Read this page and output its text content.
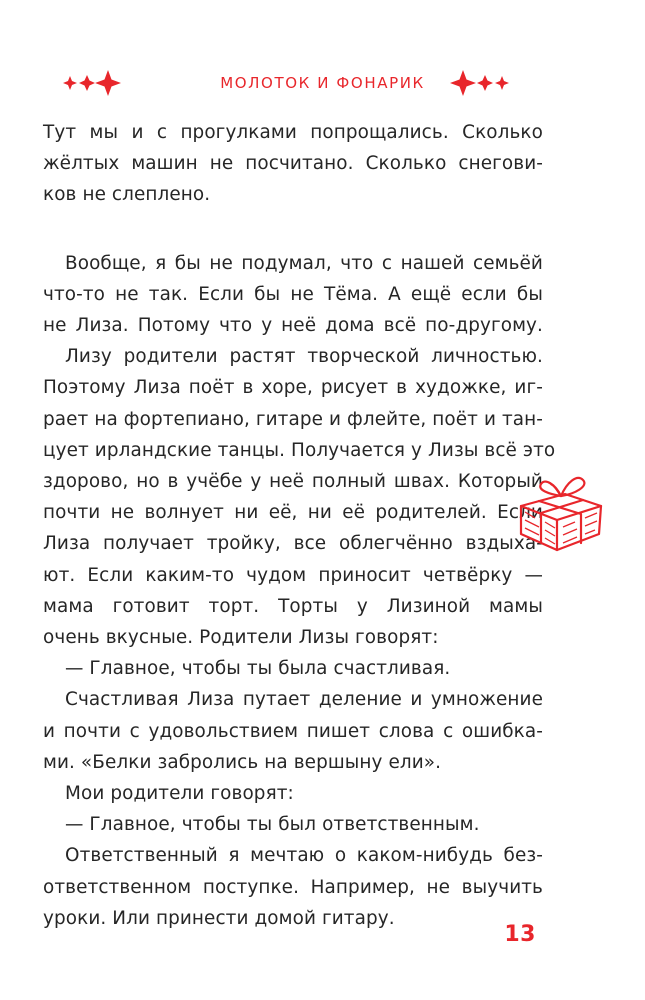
МОЛОТОК И ФОНАРИК
Тут мы и с прогулками попрощались. Сколько
жёлтых машин не посчитано. Сколько снегови-
ков не слеплено.
Вообще, я бы не подумал, что с нашей семьёй
что-то не так. Если бы не Тёма. А ещё если бы
не Лиза. Потому что у неё дома всё по-другому.
Лизу родители растят творческой личностью.
Поэтому Лиза поёт в хоре, рисует в художке, иг-
рает на фортепиано, гитаре и флейте, поёт и тан-
цует ирландские танцы. Получается у Лизы всё это
здорово, но в учёбе у неё полный швах. Который
почти не волнует ни её, ни её родителей. Если
Лиза получает тройку, все облегчённо вздыха-
ют. Если каким-то чудом приносит четвёрку —
мама готовит торт. Торты у Лизиной мамы
очень вкусные. Родители Лизы говорят:
— Главное, чтобы ты была счастливая.
Счастливая Лиза путает деление и умножение
и почти с удовольствием пишет слова с ошибка-
ми. «Белки забролись на вершыну ели».
Мои родители говорят:
— Главное, чтобы ты был ответственным.
Ответственный я мечтаю о каком-нибудь без-
ответственном поступке. Например, не выучить
уроки. Или принести домой гитару.
13
